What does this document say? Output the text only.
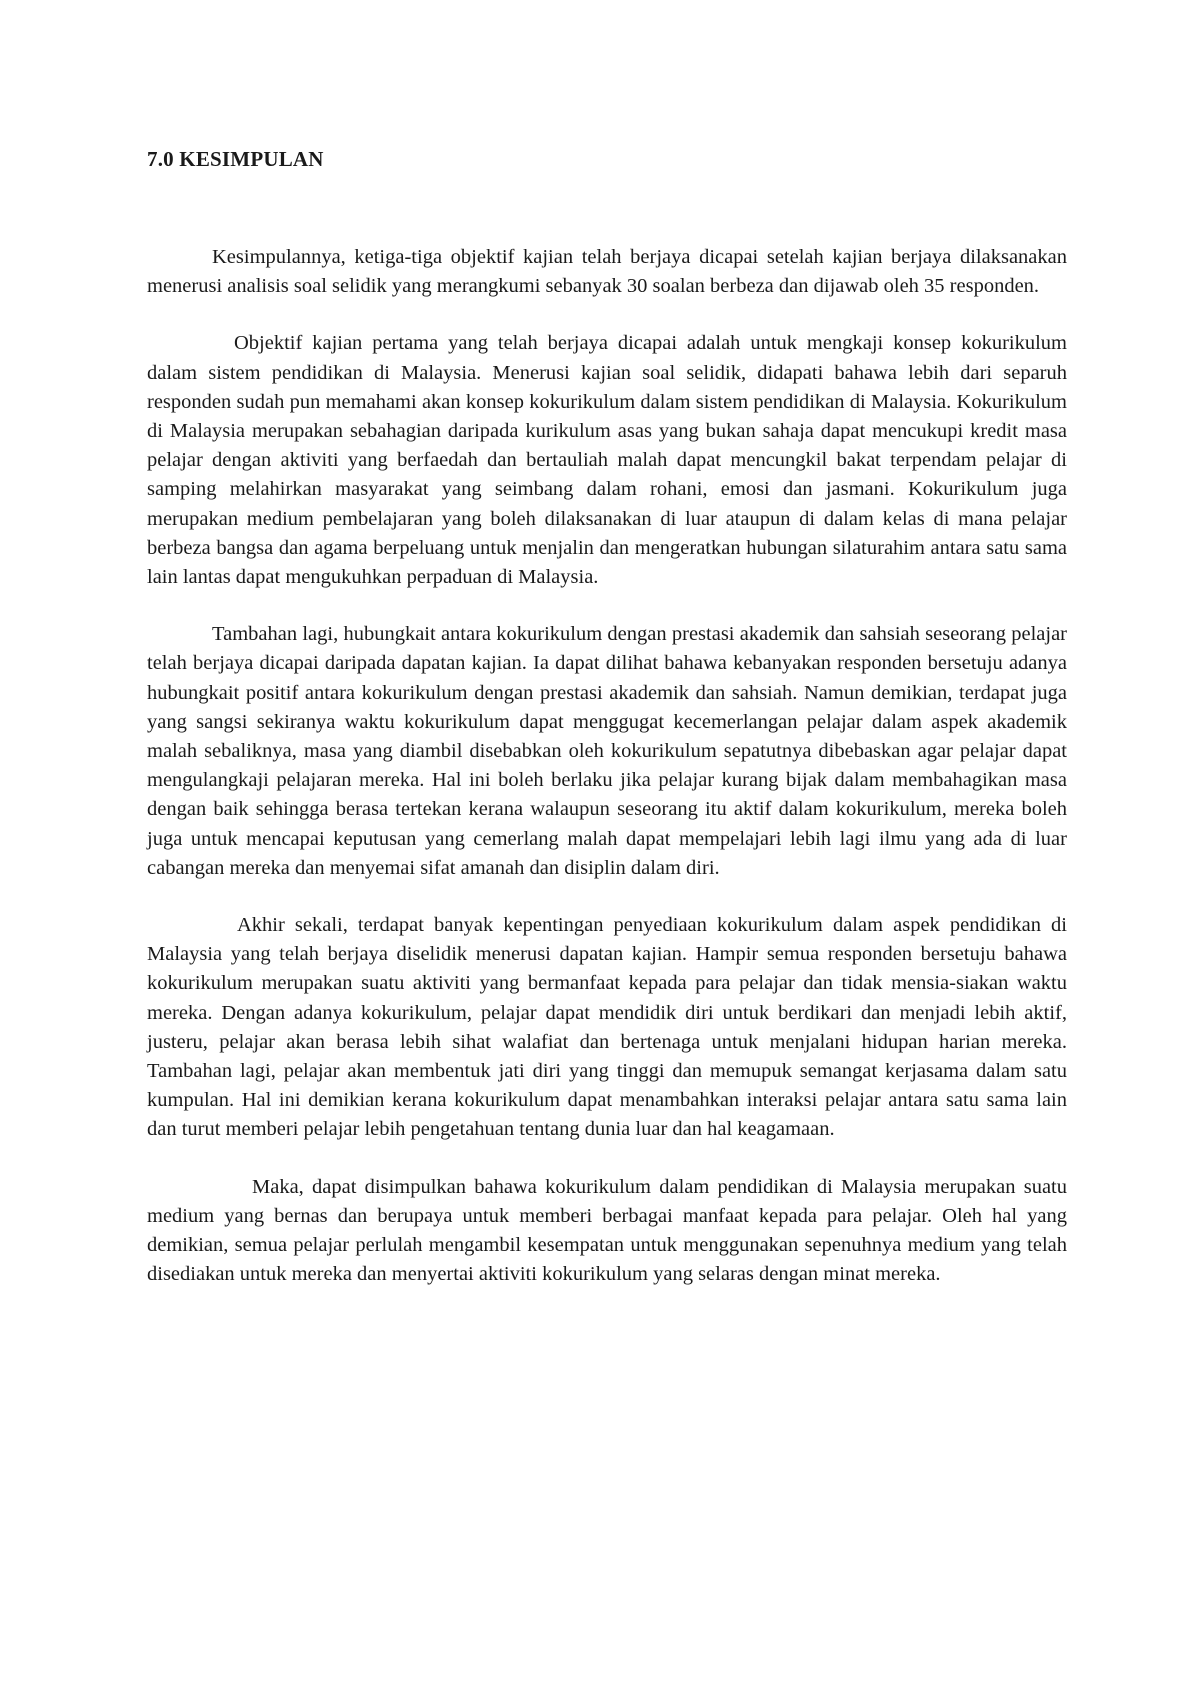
7.0 KESIMPULAN

Kesimpulannya, ketiga-tiga objektif kajian telah berjaya dicapai setelah kajian berjaya dilaksanakan menerusi analisis soal selidik yang merangkumi sebanyak 30 soalan berbeza dan dijawab oleh 35 responden.

Objektif kajian pertama yang telah berjaya dicapai adalah untuk mengkaji konsep kokurikulum dalam sistem pendidikan di Malaysia. Menerusi kajian soal selidik, didapati bahawa lebih dari separuh responden sudah pun memahami akan konsep kokurikulum dalam sistem pendidikan di Malaysia. Kokurikulum di Malaysia merupakan sebahagian daripada kurikulum asas yang bukan sahaja dapat mencukupi kredit masa pelajar dengan aktiviti yang berfaedah dan bertauliah malah dapat mencungkil bakat terpendam pelajar di samping melahirkan masyarakat yang seimbang dalam rohani, emosi dan jasmani. Kokurikulum juga merupakan medium pembelajaran yang boleh dilaksanakan di luar ataupun di dalam kelas di mana pelajar berbeza bangsa dan agama berpeluang untuk menjalin dan mengeratkan hubungan silaturahim antara satu sama lain lantas dapat mengukuhkan perpaduan di Malaysia.

Tambahan lagi, hubungkait antara kokurikulum dengan prestasi akademik dan sahsiah seseorang pelajar telah berjaya dicapai daripada dapatan kajian. Ia dapat dilihat bahawa kebanyakan responden bersetuju adanya hubungkait positif antara kokurikulum dengan prestasi akademik dan sahsiah. Namun demikian, terdapat juga yang sangsi sekiranya waktu kokurikulum dapat menggugat kecemerlangan pelajar dalam aspek akademik malah sebaliknya, masa yang diambil disebabkan oleh kokurikulum sepatutnya dibebaskan agar pelajar dapat mengulangkaji pelajaran mereka. Hal ini boleh berlaku jika pelajar kurang bijak dalam membahagikan masa dengan baik sehingga berasa tertekan kerana walaupun seseorang itu aktif dalam kokurikulum, mereka boleh juga untuk mencapai keputusan yang cemerlang malah dapat mempelajari lebih lagi ilmu yang ada di luar cabangan mereka dan menyemai sifat amanah dan disiplin dalam diri.

Akhir sekali, terdapat banyak kepentingan penyediaan kokurikulum dalam aspek pendidikan di Malaysia yang telah berjaya diselidik menerusi dapatan kajian. Hampir semua responden bersetuju bahawa kokurikulum merupakan suatu aktiviti yang bermanfaat kepada para pelajar dan tidak mensia-siakan waktu mereka. Dengan adanya kokurikulum, pelajar dapat mendidik diri untuk berdikari dan menjadi lebih aktif, justeru, pelajar akan berasa lebih sihat walafiat dan bertenaga untuk menjalani hidupan harian mereka. Tambahan lagi, pelajar akan membentuk jati diri yang tinggi dan memupuk semangat kerjasama dalam satu kumpulan. Hal ini demikian kerana kokurikulum dapat menambahkan interaksi pelajar antara satu sama lain dan turut memberi pelajar lebih pengetahuan tentang dunia luar dan hal keagamaan.

Maka, dapat disimpulkan bahawa kokurikulum dalam pendidikan di Malaysia merupakan suatu medium yang bernas dan berupaya untuk memberi berbagai manfaat kepada para pelajar. Oleh hal yang demikian, semua pelajar perlulah mengambil kesempatan untuk menggunakan sepenuhnya medium yang telah disediakan untuk mereka dan menyertai aktiviti kokurikulum yang selaras dengan minat mereka.
